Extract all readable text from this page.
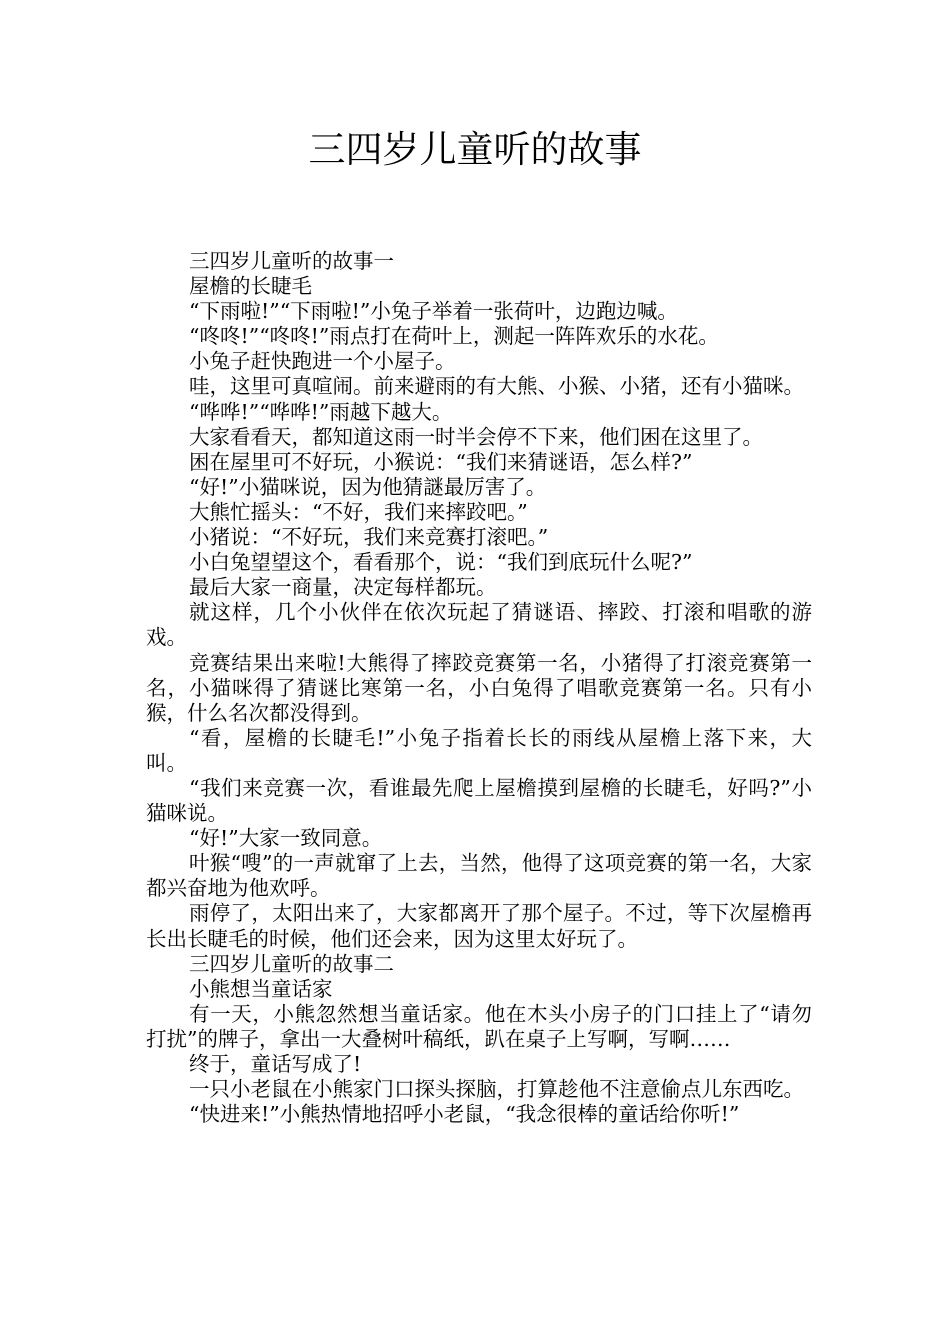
三四岁儿童听的故事

三四岁儿童听的故事一

屋檐的长睫毛

“下雨啦!”“下雨啦!”小兔子举着一张荷叶，边跑边喊。

“咚咚!”“咚咚!”雨点打在荷叶上，测起一阵阵欢乐的水花。

小兔子赶快跑进一个小屋子。

哇，这里可真喧闹。前来避雨的有大熊、小猴、小猪，还有小猫咪。

“哗哗!”“哗哗!”雨越下越大。

大家看看天，都知道这雨一时半会停不下来，他们困在这里了。

困在屋里可不好玩，小猴说：“我们来猜谜语，怎么样?”

“好!”小猫咪说，因为他猜謎最厉害了。

大熊忙摇头：“不好，我们来摔跤吧。”

小猪说：“不好玩，我们来竞赛打滚吧。”

小白兔望望这个，看看那个，说：“我们到底玩什么呢?”

最后大家一商量，决定每样都玩。

就这样，几个小伙伴在依次玩起了猜谜语、摔跤、打滚和唱歌的游戏。

竞赛结果出来啦!大熊得了摔跤竞赛第一名，小猪得了打滚竞赛第一名，小猫咪得了猜谜比寒第一名，小白兔得了唱歌竞赛第一名。只有小猴，什么名次都没得到。

“看，屋檐的长睫毛!”小兔子指着长长的雨线从屋檐上落下来，大叫。

“我们来竞赛一次，看谁最先爬上屋檐摸到屋檐的长睫毛，好吗?”小猫咪说。

“好!”大家一致同意。

叶猴“嗖”的一声就窜了上去，当然，他得了这项竞赛的第一名，大家都兴奋地为他欢呼。

雨停了，太阳出来了，大家都离开了那个屋子。不过，等下次屋檐再长出长睫毛的时候，他们还会来，因为这里太好玩了。

三四岁儿童听的故事二

小熊想当童话家

有一天，小熊忽然想当童话家。他在木头小房子的门口挂上了“请勿打扰”的牌子，拿出一大叠树叶稿纸，趴在桌子上写啊，写啊……

终于，童话写成了!

一只小老鼠在小熊家门口探头探脑，打算趁他不注意偷点儿东西吃。

“快进来!”小熊热情地招呼小老鼠，“我念很棒的童话给你听!”
